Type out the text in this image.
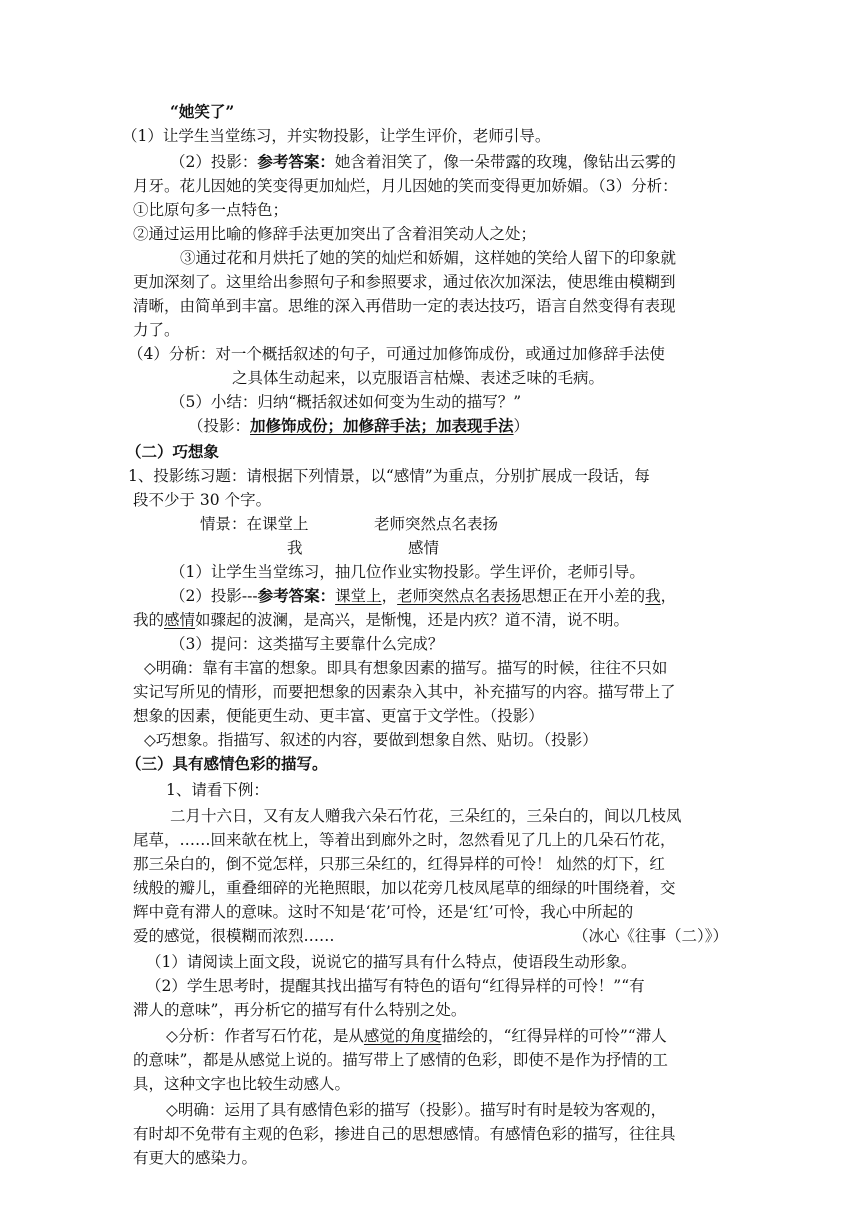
“她笑了”
（1）让学生当堂练习，并实物投影，让学生评价，老师引导。
（2）投影：参考答案：她含着泪笑了，像一朵带露的玫瑰，像钻出云雾的
月牙。花儿因她的笑变得更加灿烂，月儿因她的笑而变得更加娇媚。（3）分析：
①比原句多一点特色；
②通过运用比喻的修辞手法更加突出了含着泪笑动人之处；
③通过花和月烘托了她的笑的灿烂和娇媚，这样她的笑给人留下的印象就
更加深刻了。这里给出参照句子和参照要求，通过依次加深法，使思维由模糊到
清晰，由简单到丰富。思维的深入再借助一定的表达技巧，语言自然变得有表现
力了。
（4）分析：对一个概括叙述的句子，可通过加修饰成份，或通过加修辞手法使
之具体生动起来，以克服语言枯燥、表述乏味的毛病。
（5）小结：归纳“概括叙述如何变为生动的描写？”
（投影：加修饰成份；加修辞手法；加表现手法）
（二）巧想象
1、投影练习题：请根据下列情景，以“感情”为重点，分别扩展成一段话，每
段不少于 30 个字。
情景：在课堂上	老师突然点名表扬
我	感情
（1）让学生当堂练习，抽几位作业实物投影。学生评价，老师引导。
（2）投影---参考答案：课堂上，老师突然点名表扬思想正在开小差的我，
我的感情如骤起的波澜，是高兴，是惭愧，还是内疚？道不清，说不明。
（3）提问：这类描写主要靠什么完成？
◇明确：靠有丰富的想象。即具有想象因素的描写。描写的时候，往往不只如
实记写所见的情形，而要把想象的因素杂入其中，补充描写的内容。描写带上了
想象的因素，便能更生动、更丰富、更富于文学性。（投影）
◇巧想象。指描写、叙述的内容，要做到想象自然、贴切。（投影）
（三）具有感情色彩的描写。
1、请看下例：
二月十六日，又有友人赠我六朵石竹花，三朵红的，三朵白的，间以几枝凤
尾草，……回来欹在枕上，等着出到廊外之时，忽然看见了几上的几朵石竹花，
那三朵白的，倒不觉怎样，只那三朵红的，红得异样的可怜！ 灿然的灯下，红
绒般的瓣儿，重叠细碎的光艳照眼，加以花旁几枝凤尾草的细绿的叶围绕着，交
辉中竟有滞人的意味。这时不知是‘花’可怜，还是‘红’可怜，我心中所起的
爱的感觉，很模糊而浓烈……	（冰心《往事（二）》）
（1）请阅读上面文段，说说它的描写具有什么特点，使语段生动形象。
（2）学生思考时，提醒其找出描写有特色的语句“红得异样的可怜！”“有
滞人的意味”，再分析它的描写有什么特别之处。
◇分析：作者写石竹花，是从感觉的角度描绘的，“红得异样的可怜”“滞人
的意味”，都是从感觉上说的。描写带上了感情的色彩，即使不是作为抒情的工
具，这种文字也比较生动感人。
◇明确：运用了具有感情色彩的描写（投影）。描写时有时是较为客观的，
有时却不免带有主观的色彩，掺进自己的思想感情。有感情色彩的描写，往往具
有更大的感染力。
